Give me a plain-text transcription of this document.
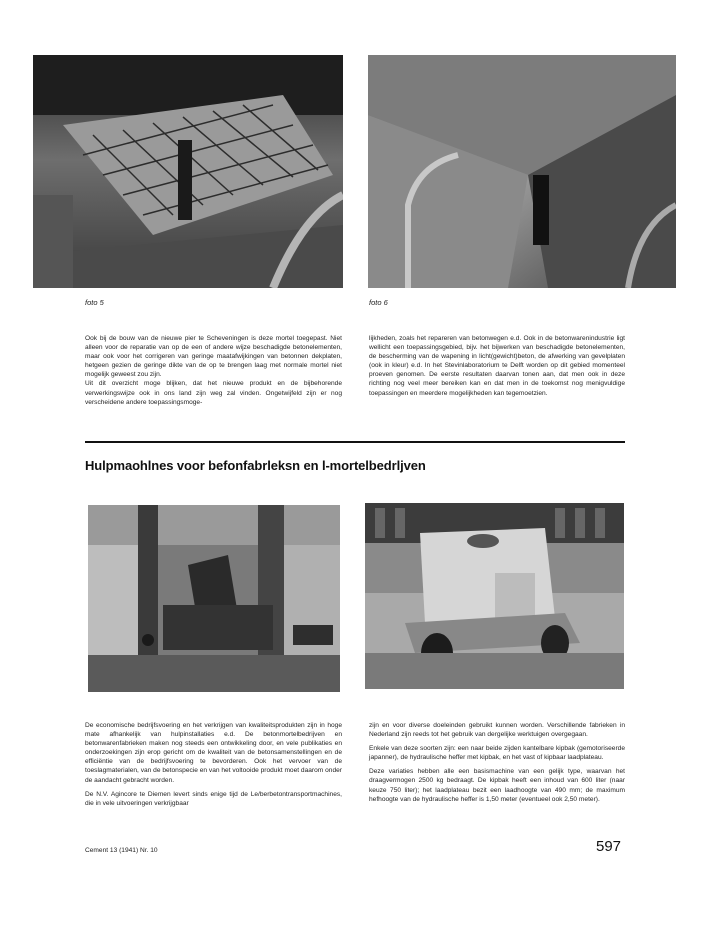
foto 5	foto 6

Ook bij de bouw van de nieuwe pier te Scheveningen is deze mortel toegepast. Niet alleen voor de reparatie van op de een of andere wijze beschadigde betonelementen, maar ook voor het corrigeren van geringe maatafwijkingen van betonnen dekplaten, hetgeen gezien de geringe dikte van de op te brengen laag met normale mortel niet mogelijk geweest zou zijn.

Uit dit overzicht moge blijken, dat het nieuwe produkt en de bijbehorende verwerkingswijze ook in ons land zijn weg zal vinden. Ongetwijfeld zijn er nog verscheidene andere toepassingsmoge-

lijkheden, zoals het repareren van betonwegen e.d. Ook in de betonwarenindustrie ligt wellicht een toepassingsgebied, bijv. het bijwerken van beschadigde betonelementen, de bescherming van de wapening in licht(gewicht)beton, de afwerking van gevelplaten (ook in kleur) e.d. In het Stevinlaboratorium te Delft worden op dit gebied momenteel proeven genomen. De eerste resultaten daarvan tonen aan, dat men ook in deze richting nog veel meer bereiken kan en dat men in de toekomst nog menigvuldige toepassingen en meerdere mogelijkheden kan tegemoetzien.

Hulpmaohlnes voor befonfabrleksn en l-mortelbedrljven

De economische bedrijfsvoering en het verkrijgen van kwaliteitsprodukten zijn in hoge mate afhankelijk van hulpinstallaties e.d. De betonmortelbedrijven en betonwarenfabrieken maken nog steeds een ontwikkeling door, en vele publikaties en onderzoekingen zijn erop gericht om de kwaliteit van de betonsamenstellingen en de efficiëntie van de bedrijfsvoering te bevorderen. Ook het vervoer van de toeslagmaterialen, van de betonspecie en van het voltooide produkt moet daarom onder de aandacht gebracht worden.

De N.V. Agincore te Diemen levert sinds enige tijd de Le/berbetontransportmachines, die in vele uitvoeringen verkrijgbaar

zijn en voor diverse doeleinden gebruikt kunnen worden. Verschillende fabrieken in Nederland zijn reeds tot het gebruik van dergelijke werktuigen overgegaan.

Enkele van deze soorten zijn: een naar beide zijden kantelbare kipbak (gemotoriseerde japanner), de hydraulische heffer met kipbak, en het vast of kipbaar laadplateau.

Deze variaties hebben alle een basismachine van een gelijk type, waarvan het draagvermogen 2500 kg bedraagt. De kipbak heeft een inhoud van 600 liter (naar keuze 750 liter); het laadplateau bezit een laadhoogte van 490 mm; de maximum hefhoogte van de hydraulische heffer is 1,50 meter (eventueel ook 2,50 meter).

Cement 13 (1941) Nr. 10	597
